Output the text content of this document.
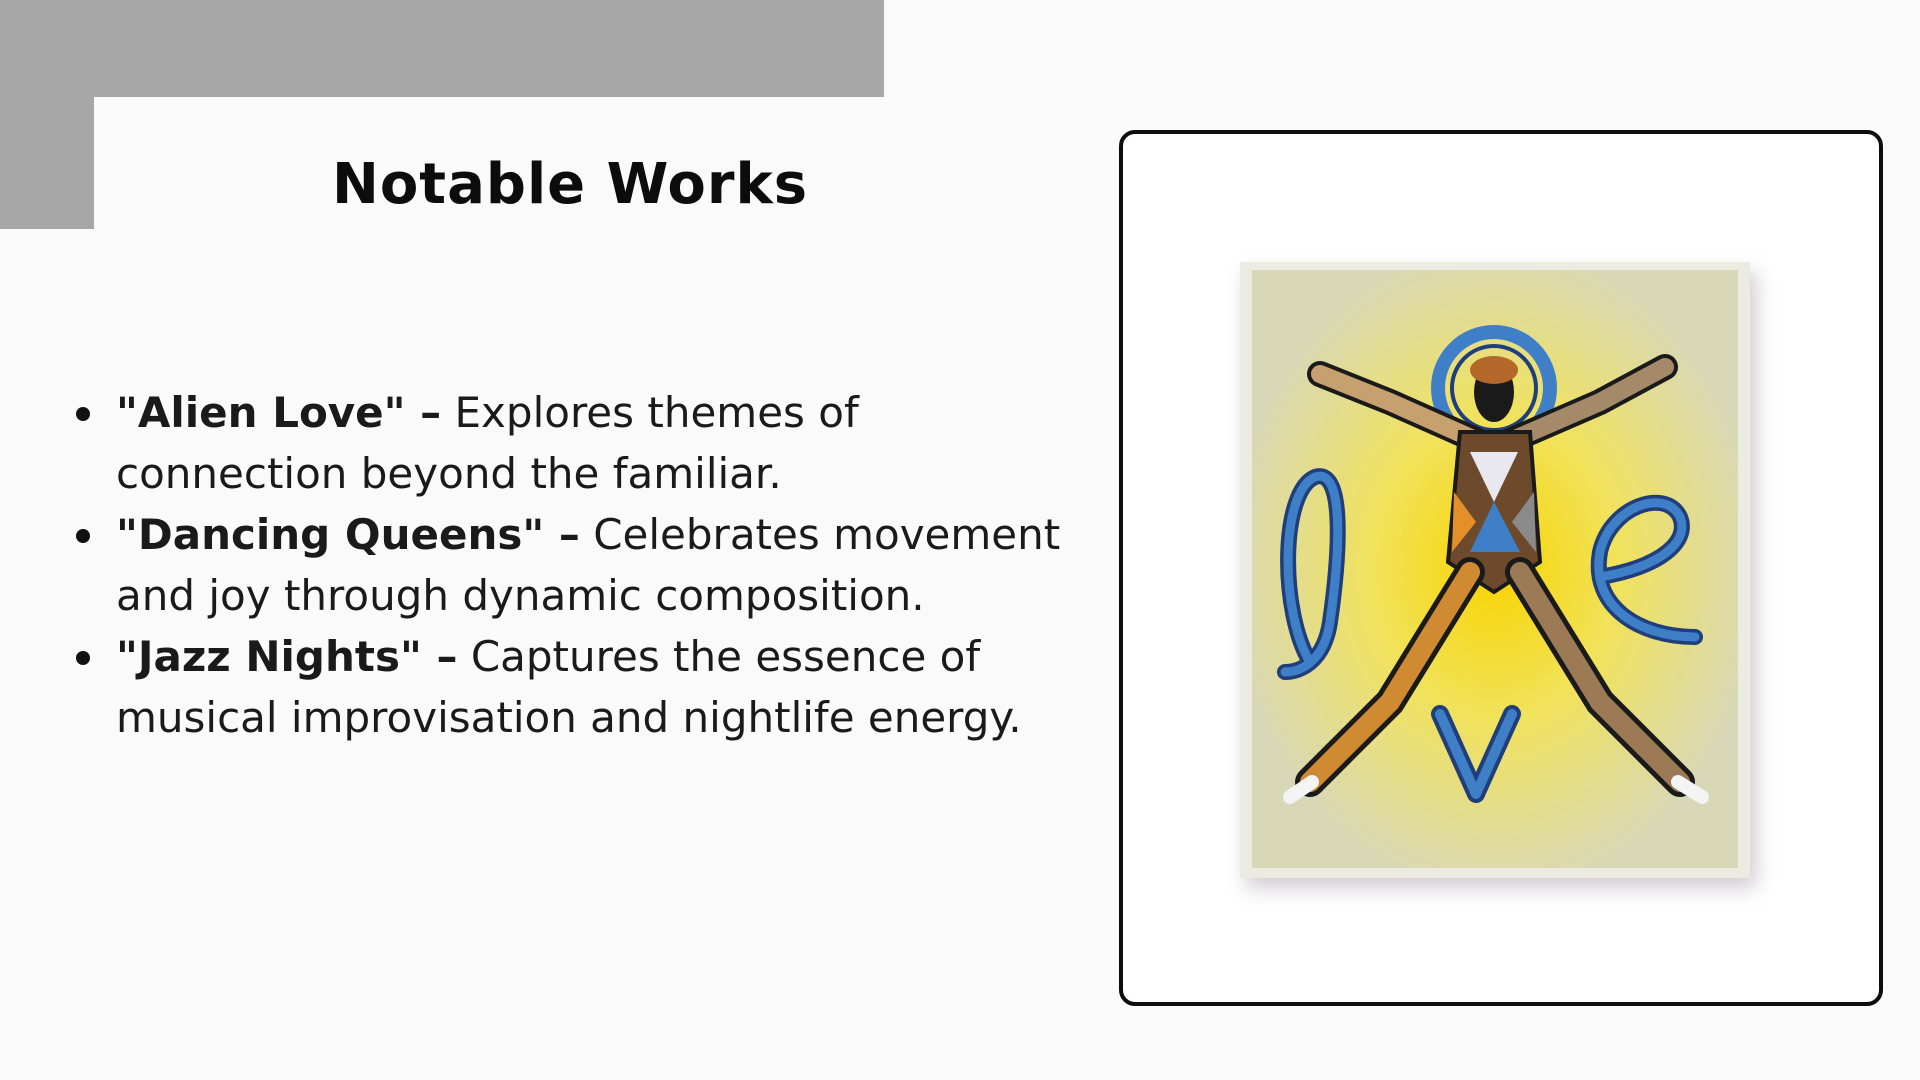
Notable Works
"Alien Love" – Explores themes of connection beyond the familiar.
"Dancing Queens" – Celebrates movement and joy through dynamic composition.
"Jazz Nights" – Captures the essence of musical improvisation and nightlife energy.
